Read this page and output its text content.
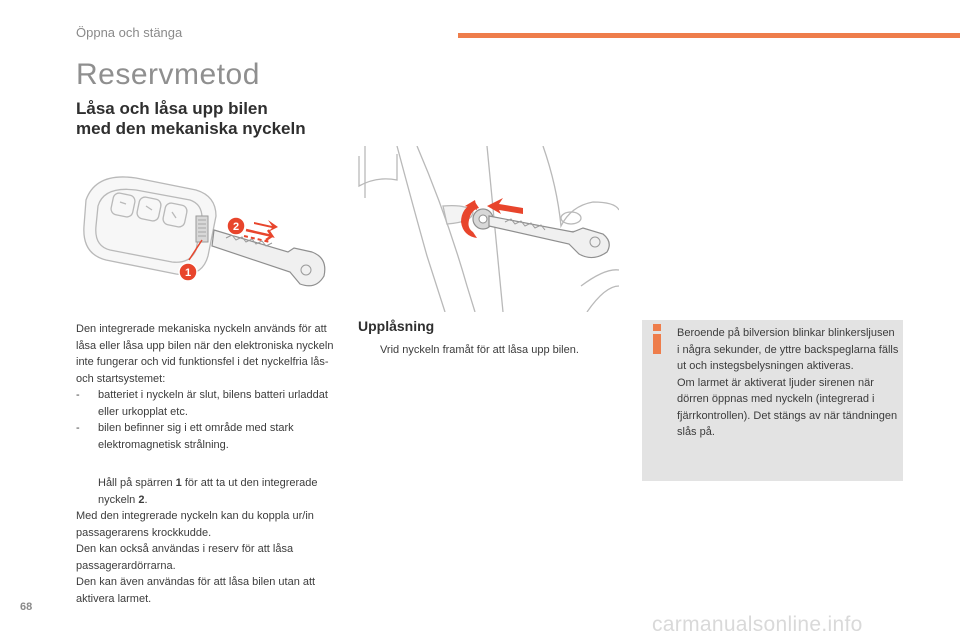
Öppna och stänga
Reservmetod
Låsa och låsa upp bilen
med den mekaniska nyckeln
2
1

Den integrerade mekaniska nyckeln används för att låsa eller låsa upp bilen när den elektroniska nyckeln inte fungerar och vid funktionsfel i det nyckelfria lås- och startsystemet:

- batteriet i nyckeln är slut, bilens batteri urladdat eller urkopplat etc.
- bilen befinner sig i ett område med stark elektromagnetisk strålning.
Håll på spärren 1 för att ta ut den integrerade nyckeln 2.

Med den integrerade nyckeln kan du koppla ur/in passagerarens krockkudde.

Den kan också användas i reserv för att låsa passagerardörrarna.

Den kan även användas för att låsa bilen utan att aktivera larmet.

Upplåsning
Vrid nyckeln framåt för att låsa upp bilen.

Beroende på bilversion blinkar blinkersljusen i några sekunder, de yttre backspeglarna fälls ut och instegsbelysningen aktiveras.

Om larmet är aktiverat ljuder sirenen när dörren öppnas med nyckeln (integrerad i fjärrkontrollen). Det stängs av när tändningen slås på.

68
carmanualsonline.info
